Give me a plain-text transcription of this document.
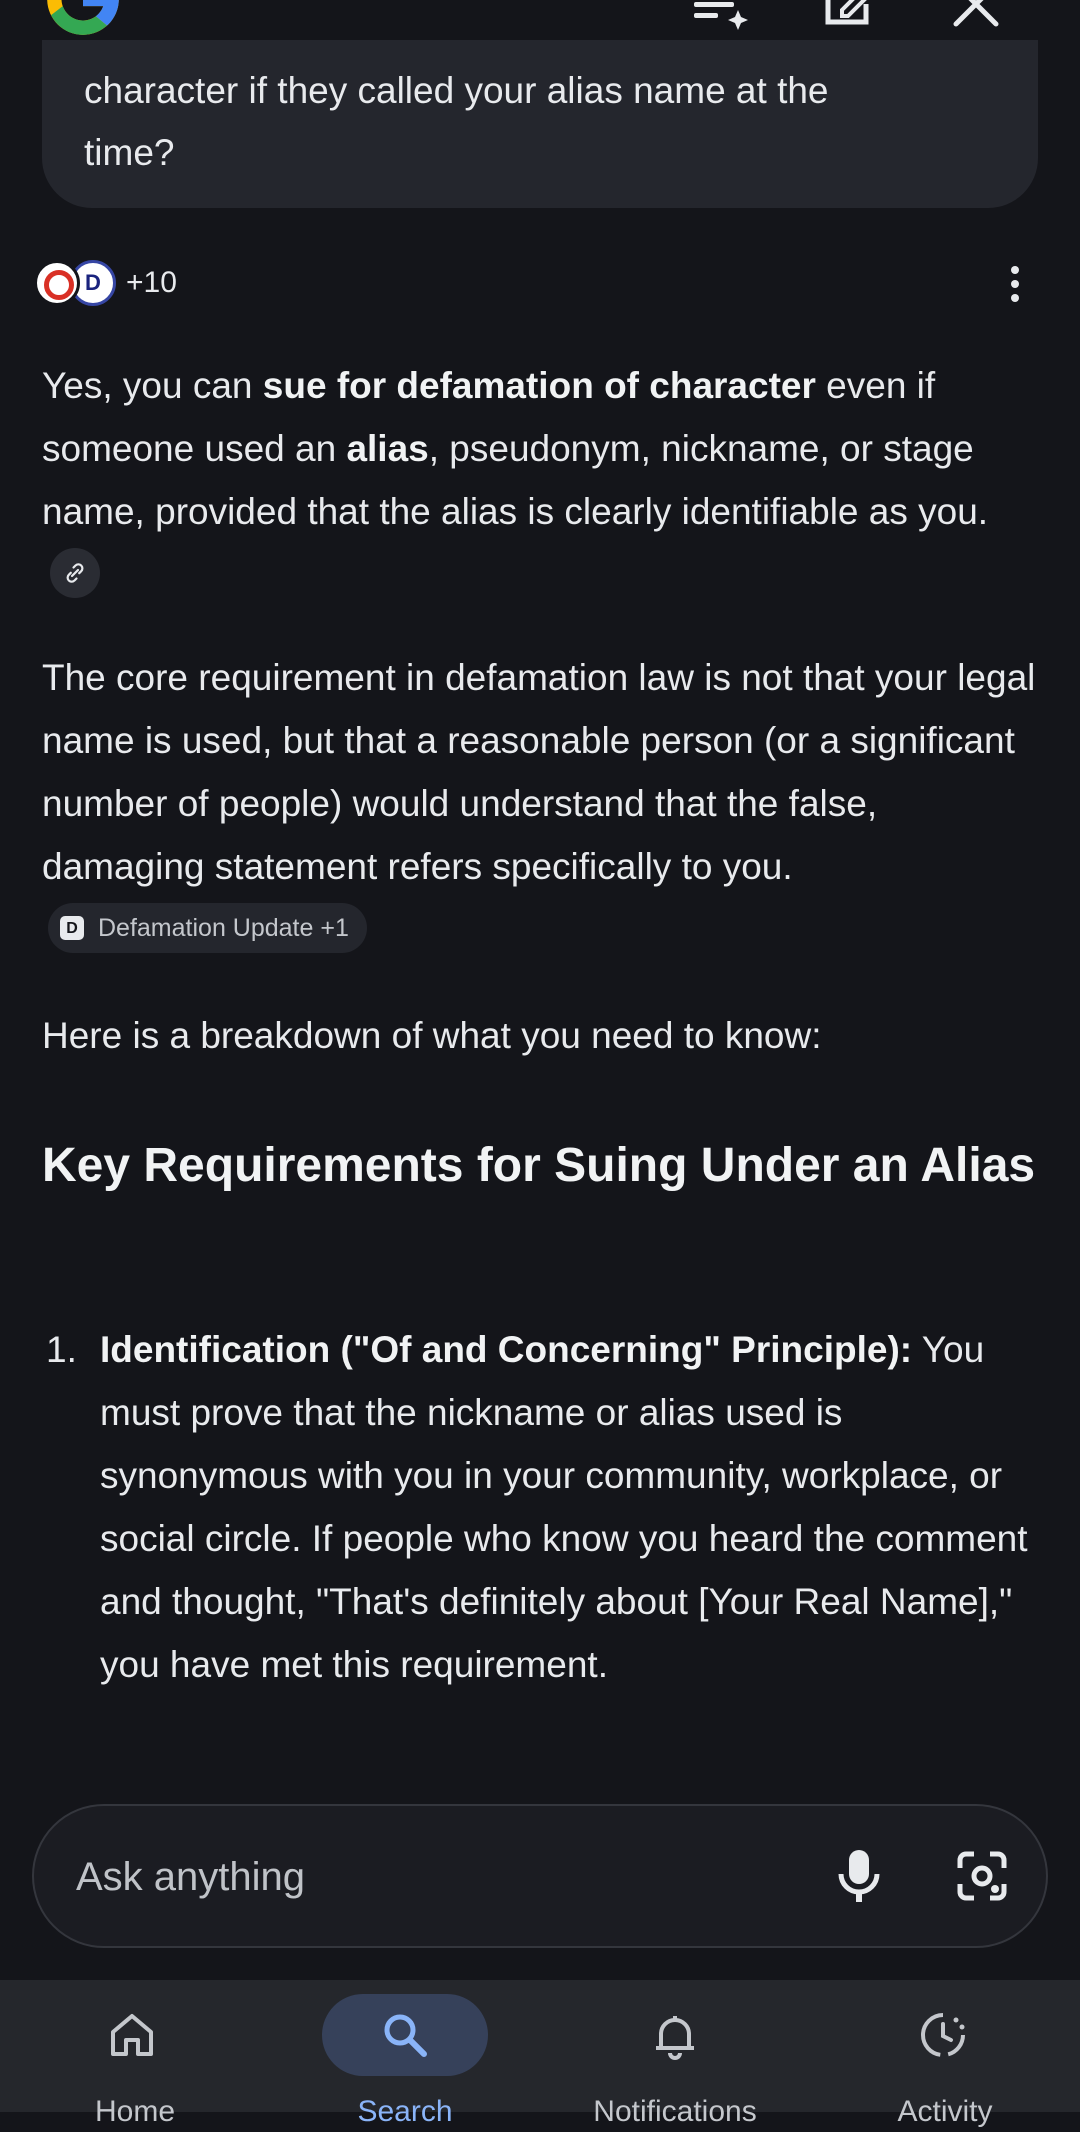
character if they called your alias name at the
time?
D +10

Yes, you can sue for defamation of character even if someone used an alias, pseudonym, nickname, or stage name, provided that the alias is clearly identifiable as you.

The core requirement in defamation law is not that your legal name is used, but that a reasonable person (or a significant number of people) would understand that the false, damaging statement refers specifically to you.
D Defamation Update +1

Here is a breakdown of what you need to know:

Key Requirements for Suing Under an Alias
1. Identification ("Of and Concerning" Principle): You must prove that the nickname or alias used is synonymous with you in your community, workplace, or social circle. If people who know you heard the comment and thought, "That's definitely about [Your Real Name]," you have met this requirement.
Ask anything
Home	Search	Notifications	Activity
